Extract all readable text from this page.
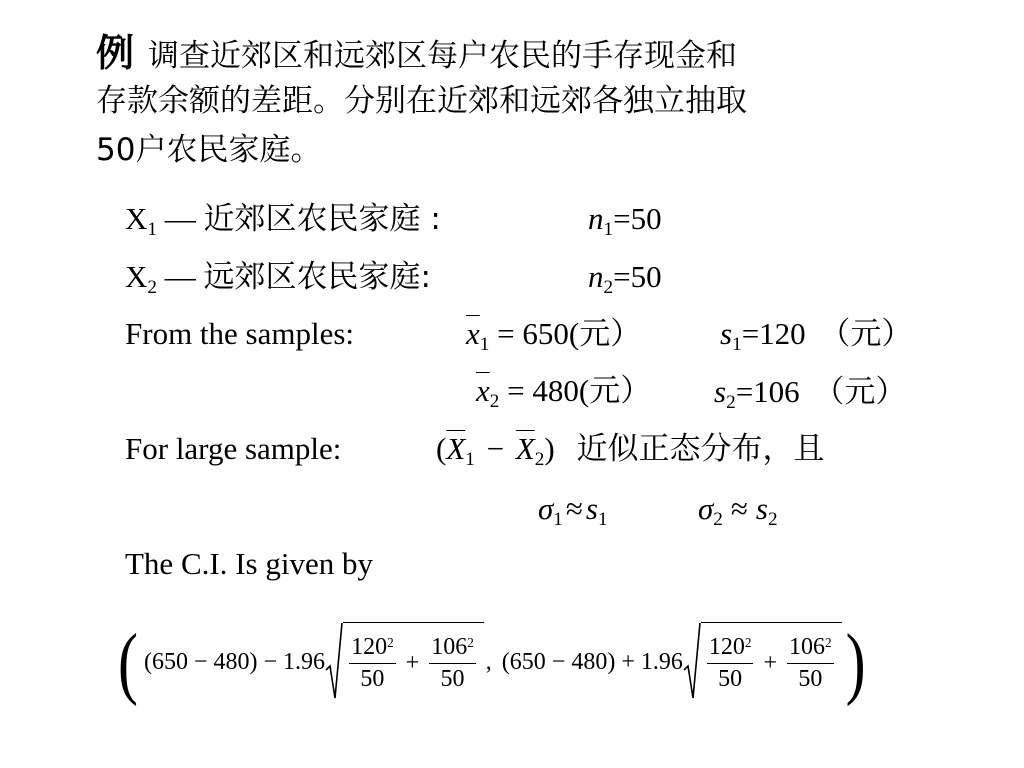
例 调查近郊区和远郊区每户农民的手存现金和
存款余额的差距。分别在近郊和远郊各独立抽取
50户农民家庭。
$X_1$ — 近郊区农民家庭 :	$n_1=50$
$X_2$ — 远郊区农民家庭:	$n_2=50$
From the samples:	$\overline{x}_1 = 650$(元）	$s_1=120$ （元）
$\overline{x}_2 = 480$(元） $s_2=106$ （元）
For large sample:	$(\overline{X}_1 - \overline{X}_2)$ 近似正态分布，且
$\sigma_1\approx s_1$	$\sigma_2 \approx s_2$
The C.I. Is given by
( $(650 - 480) - 1.96 \frac{120^2}{50} + \frac{106^2}{50}$ , $(650 - 480) + 1.96 \frac{120^2}{50} + \frac{106^2}{50}$ )
